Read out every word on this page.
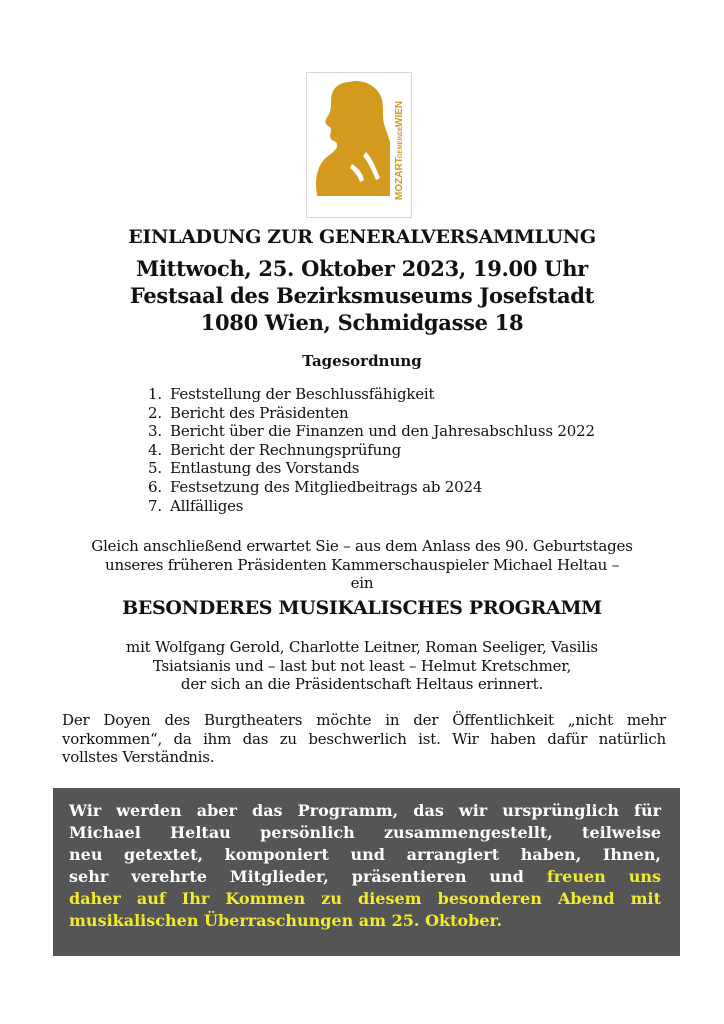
MOZART
GEMEINDE
WIEN
EINLADUNG ZUR GENERALVERSAMMLUNG
Mittwoch, 25. Oktober 2023, 19.00 Uhr
Festsaal des Bezirksmuseums Josefstadt
1080 Wien, Schmidgasse 18
Tagesordnung
1. Feststellung der Beschlussfähigkeit
2. Bericht des Präsidenten
3. Bericht über die Finanzen und den Jahresabschluss 2022
4. Bericht der Rechnungsprüfung
5. Entlastung des Vorstands
6. Festsetzung des Mitgliedbeitrags ab 2024
7. Allfälliges
Gleich anschließend erwartet Sie – aus dem Anlass des 90. Geburtstages
unseres früheren Präsidenten Kammerschauspieler Michael Heltau –
ein
BESONDERES MUSIKALISCHES PROGRAMM
mit Wolfgang Gerold, Charlotte Leitner, Roman Seeliger, Vasilis
Tsiatsianis und – last but not least – Helmut Kretschmer,
der sich an die Präsidentschaft Heltaus erinnert.
Der Doyen des Burgtheaters möchte in der Öffentlichkeit „nicht mehr
vorkommen“, da ihm das zu beschwerlich ist. Wir haben dafür natürlich
vollstes Verständnis.
Wir werden aber das Programm, das wir ursprünglich für
Michael Heltau persönlich zusammengestellt, teilweise
neu getextet, komponiert und arrangiert haben, Ihnen,
sehr verehrte Mitglieder, präsentieren und freuen uns
daher auf Ihr Kommen zu diesem besonderen Abend mit
musikalischen Überraschungen am 25. Oktober.
